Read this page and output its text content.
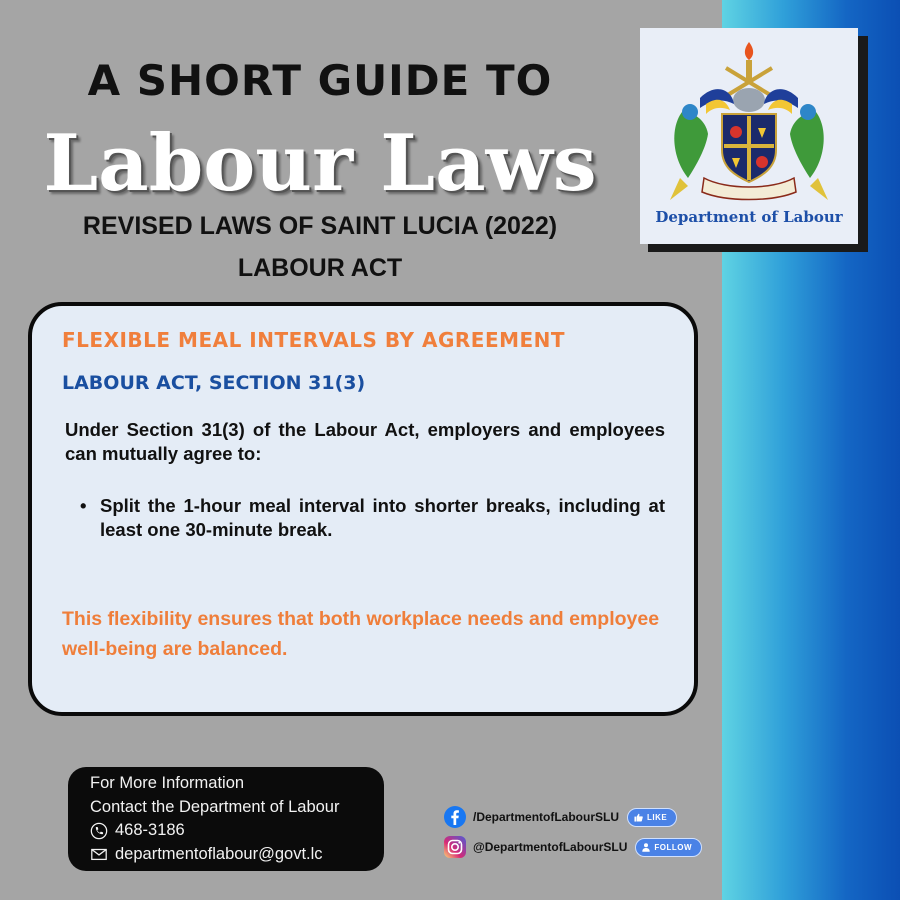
Department of Labour
A SHORT GUIDE TO
Labour Laws
REVISED LAWS OF SAINT LUCIA (2022)
LABOUR ACT
FLEXIBLE MEAL INTERVALS BY AGREEMENT
LABOUR ACT, SECTION 31(3)
Under Section 31(3) of the Labour Act, employers and employees can mutually agree to:
• Split the 1-hour meal interval into shorter breaks, including at least one 30-minute break.
This flexibility ensures that both workplace needs and employee well-being are balanced.
For More Information
Contact the Department of Labour
468-3186
departmentoflabour@govt.lc
/DepartmentofLabourSLU	LIKE
@DepartmentofLabourSLU	FOLLOW
